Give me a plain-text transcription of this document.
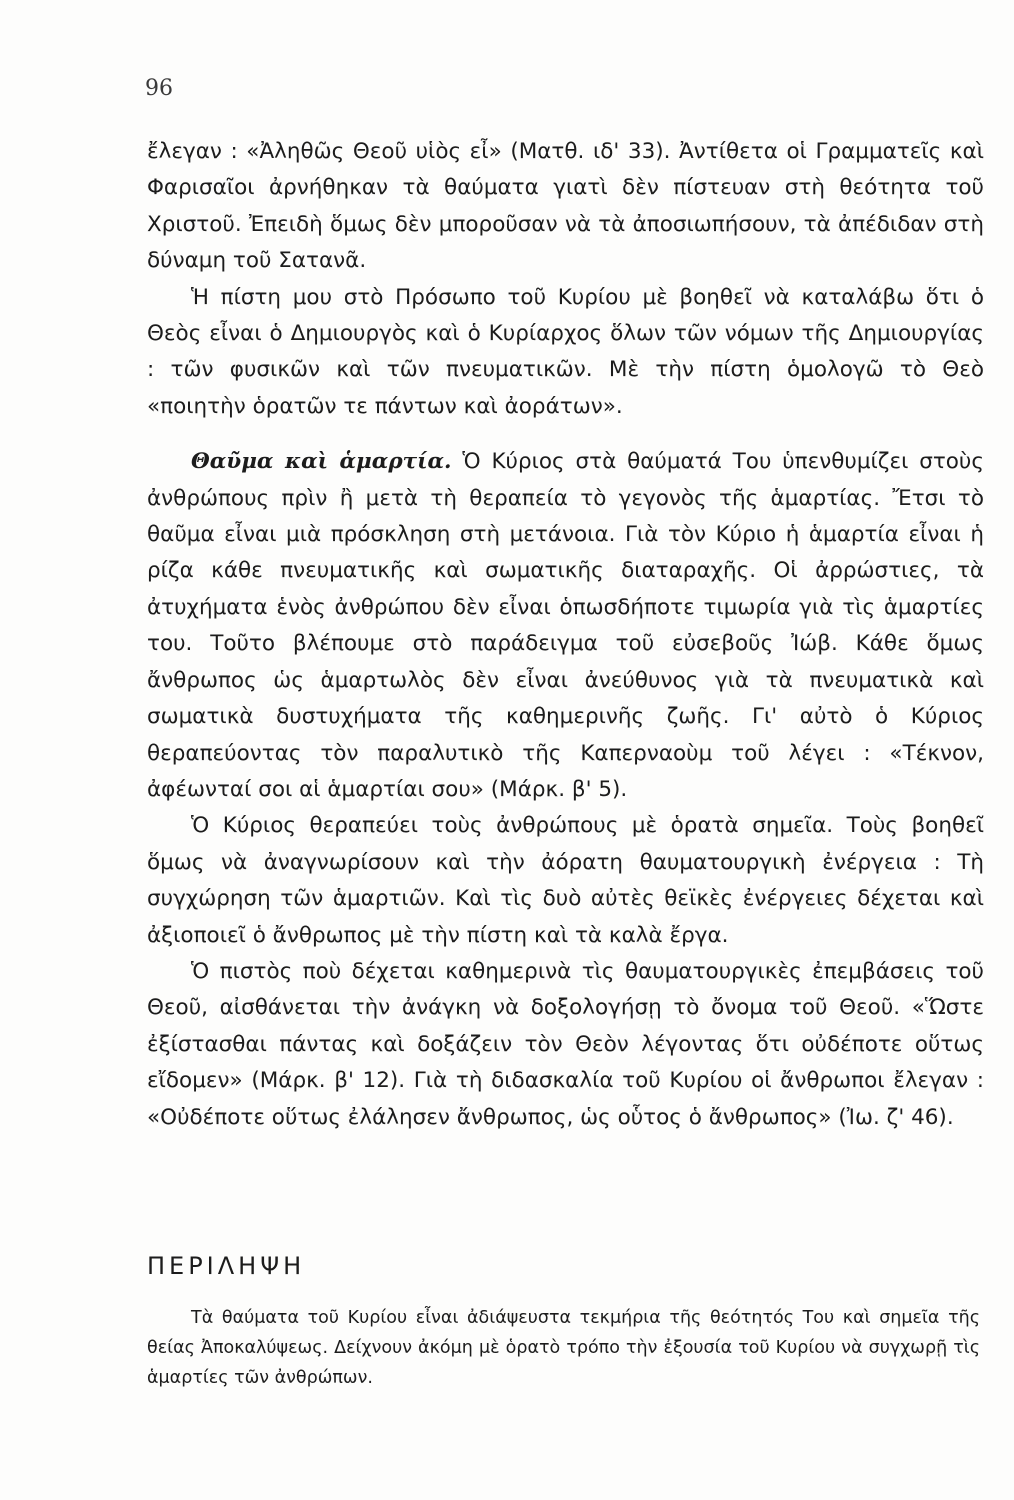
96

ἔλεγαν : «Ἀληθῶς Θεοῦ υἱὸς εἶ» (Ματθ. ιδ' 33). Ἀντίθετα οἱ Γραμματεῖς καὶ Φαρισαῖοι ἀρνήθηκαν τὰ θαύματα γιατὶ δὲν πίστευαν στὴ θεότητα τοῦ Χριστοῦ. Ἐπειδὴ ὅμως δὲν μποροῦσαν νὰ τὰ ἀποσιωπήσουν, τὰ ἀπέδιδαν στὴ δύναμη τοῦ Σατανᾶ.

Ἡ πίστη μου στὸ Πρόσωπο τοῦ Κυρίου μὲ βοηθεῖ νὰ καταλάβω ὅτι ὁ Θεὸς εἶναι ὁ Δημιουργὸς καὶ ὁ Κυρίαρχος ὅλων τῶν νόμων τῆς Δημιουργίας : τῶν φυσικῶν καὶ τῶν πνευματικῶν. Μὲ τὴν πίστη ὁμολογῶ τὸ Θεὸ «ποιητὴν ὁρατῶν τε πάντων καὶ ἀοράτων».

Θαῦμα καὶ ἁμαρτία. Ὁ Κύριος στὰ θαύματά Του ὑπενθυμίζει στοὺς ἀνθρώπους πρὶν ἢ μετὰ τὴ θεραπεία τὸ γεγονὸς τῆς ἁμαρτίας. Ἔτσι τὸ θαῦμα εἶναι μιὰ πρόσκληση στὴ μετάνοια. Γιὰ τὸν Κύριο ἡ ἁμαρτία εἶναι ἡ ρίζα κάθε πνευματικῆς καὶ σωματικῆς διαταραχῆς. Οἱ ἀρρώστιες, τὰ ἀτυχήματα ἑνὸς ἀνθρώπου δὲν εἶναι ὁπωσδήποτε τιμωρία γιὰ τὶς ἁμαρτίες του. Τοῦτο βλέπουμε στὸ παράδειγμα τοῦ εὐσεβοῦς Ἰώβ. Κάθε ὅμως ἄνθρωπος ὡς ἁμαρτωλὸς δὲν εἶναι ἀνεύθυνος γιὰ τὰ πνευματικὰ καὶ σωματικὰ δυστυχήματα τῆς καθημερινῆς ζωῆς. Γι' αὐτὸ ὁ Κύριος θεραπεύοντας τὸν παραλυτικὸ τῆς Καπερναοὺμ τοῦ λέγει : «Τέκνον, ἀφέωνταί σοι αἱ ἁμαρτίαι σου» (Μάρκ. β' 5).

Ὁ Κύριος θεραπεύει τοὺς ἀνθρώπους μὲ ὁρατὰ σημεῖα. Τοὺς βοηθεῖ ὅμως νὰ ἀναγνωρίσουν καὶ τὴν ἀόρατη θαυματουργικὴ ἐνέργεια : Τὴ συγχώρηση τῶν ἁμαρτιῶν. Καὶ τὶς δυὸ αὐτὲς θεϊκὲς ἐνέργειες δέχεται καὶ ἀξιοποιεῖ ὁ ἄνθρωπος μὲ τὴν πίστη καὶ τὰ καλὰ ἔργα.

Ὁ πιστὸς ποὺ δέχεται καθημερινὰ τὶς θαυματουργικὲς ἐπεμβάσεις τοῦ Θεοῦ, αἰσθάνεται τὴν ἀνάγκη νὰ δοξολογήσῃ τὸ ὄνομα τοῦ Θεοῦ. «Ὥστε ἐξίστασθαι πάντας καὶ δοξάζειν τὸν Θεὸν λέγοντας ὅτι οὐδέποτε οὕτως εἴδομεν» (Μάρκ. β' 12). Γιὰ τὴ διδασκαλία τοῦ Κυρίου οἱ ἄνθρωποι ἔλεγαν : «Οὐδέποτε οὕτως ἐλάλησεν ἄνθρωπος, ὡς οὗτος ὁ ἄνθρωπος» (Ἰω. ζ' 46).

ΠΕΡΙΛΗΨΗ
Τὰ θαύματα τοῦ Κυρίου εἶναι ἀδιάψευστα τεκμήρια τῆς θεότητός Του καὶ σημεῖα τῆς θείας Ἀποκαλύψεως. Δείχνουν ἀκόμη μὲ ὁρατὸ τρόπο τὴν ἐξουσία τοῦ Κυρίου νὰ συγχωρῇ τὶς ἁμαρτίες τῶν ἀνθρώπων.
